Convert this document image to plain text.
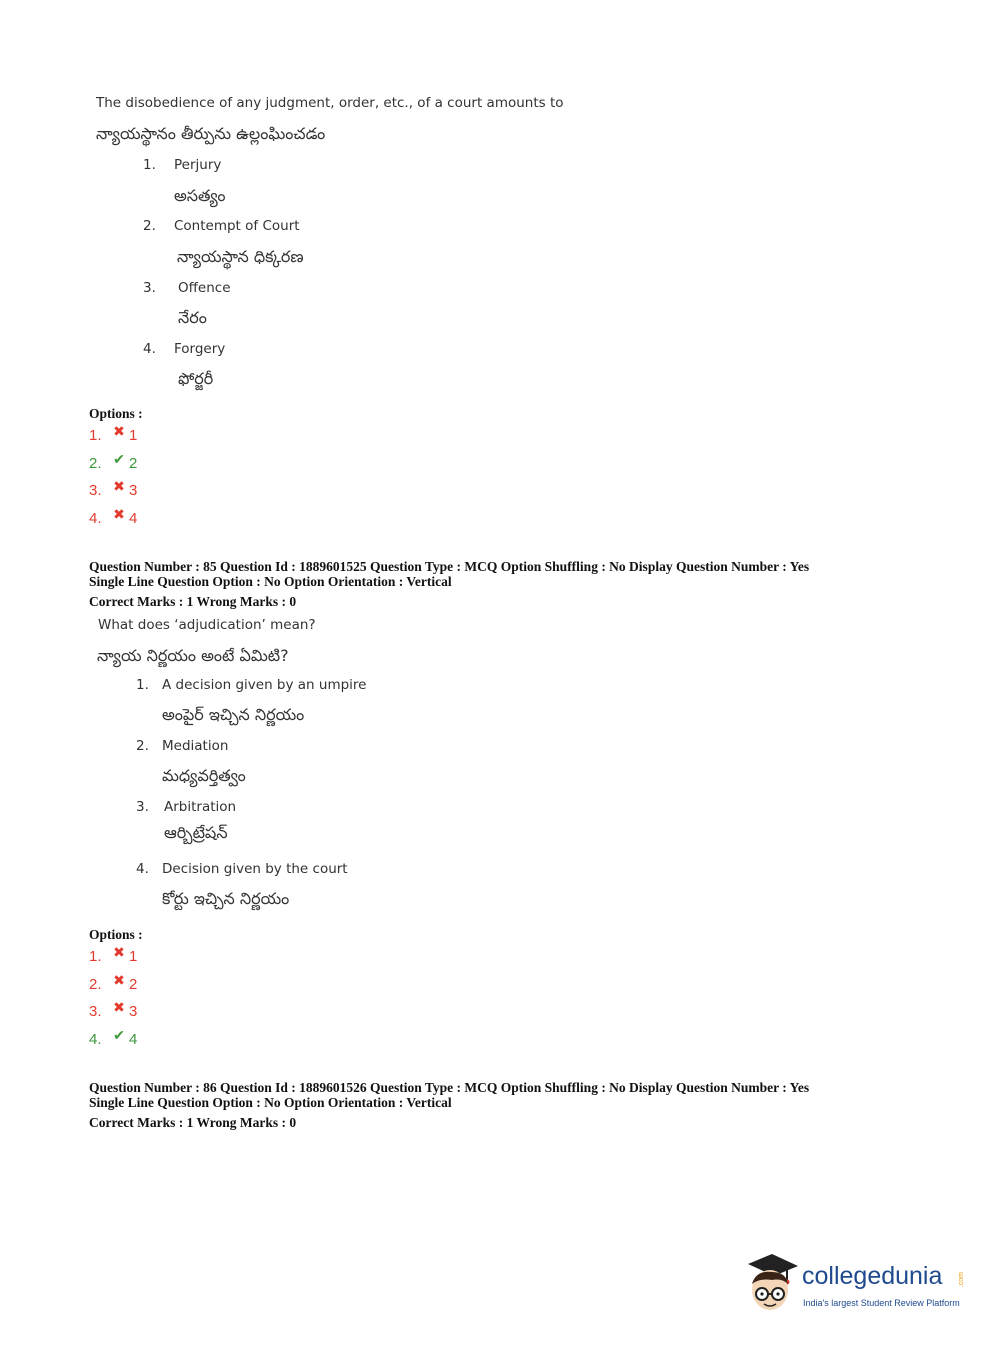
The disobedience of any judgment, order, etc., of a court amounts to
న్యాయస్థానం తీర్పును ఉల్లంఘించడం
1. Perjury
అసత్యం
2. Contempt of Court
న్యాయస్థాన ధిక్కరణ
3. Offence
నేరం
4. Forgery
ఫోర్జరీ
Options :
1. ✖ 1
2. ✔ 2
3. ✖ 3
4. ✖ 4
Question Number : 85 Question Id : 1889601525 Question Type : MCQ Option Shuffling : No Display Question Number : Yes
Single Line Question Option : No Option Orientation : Vertical
Correct Marks : 1 Wrong Marks : 0
What does ‘adjudication’ mean?
న్యాయ నిర్ణయం అంటే ఏమిటి?
1. A decision given by an umpire
అంపైర్ ఇచ్చిన నిర్ణయం
2. Mediation
మధ్యవర్తిత్వం
3. Arbitration
ఆర్బిట్రేషన్
4. Decision given by the court
కోర్టు ఇచ్చిన నిర్ణయం
Options :
1. ✖ 1
2. ✖ 2
3. ✖ 3
4. ✔ 4
Question Number : 86 Question Id : 1889601526 Question Type : MCQ Option Shuffling : No Display Question Number : Yes
Single Line Question Option : No Option Orientation : Vertical
Correct Marks : 1 Wrong Marks : 0
collegedunia .com
India's largest Student Review Platform
